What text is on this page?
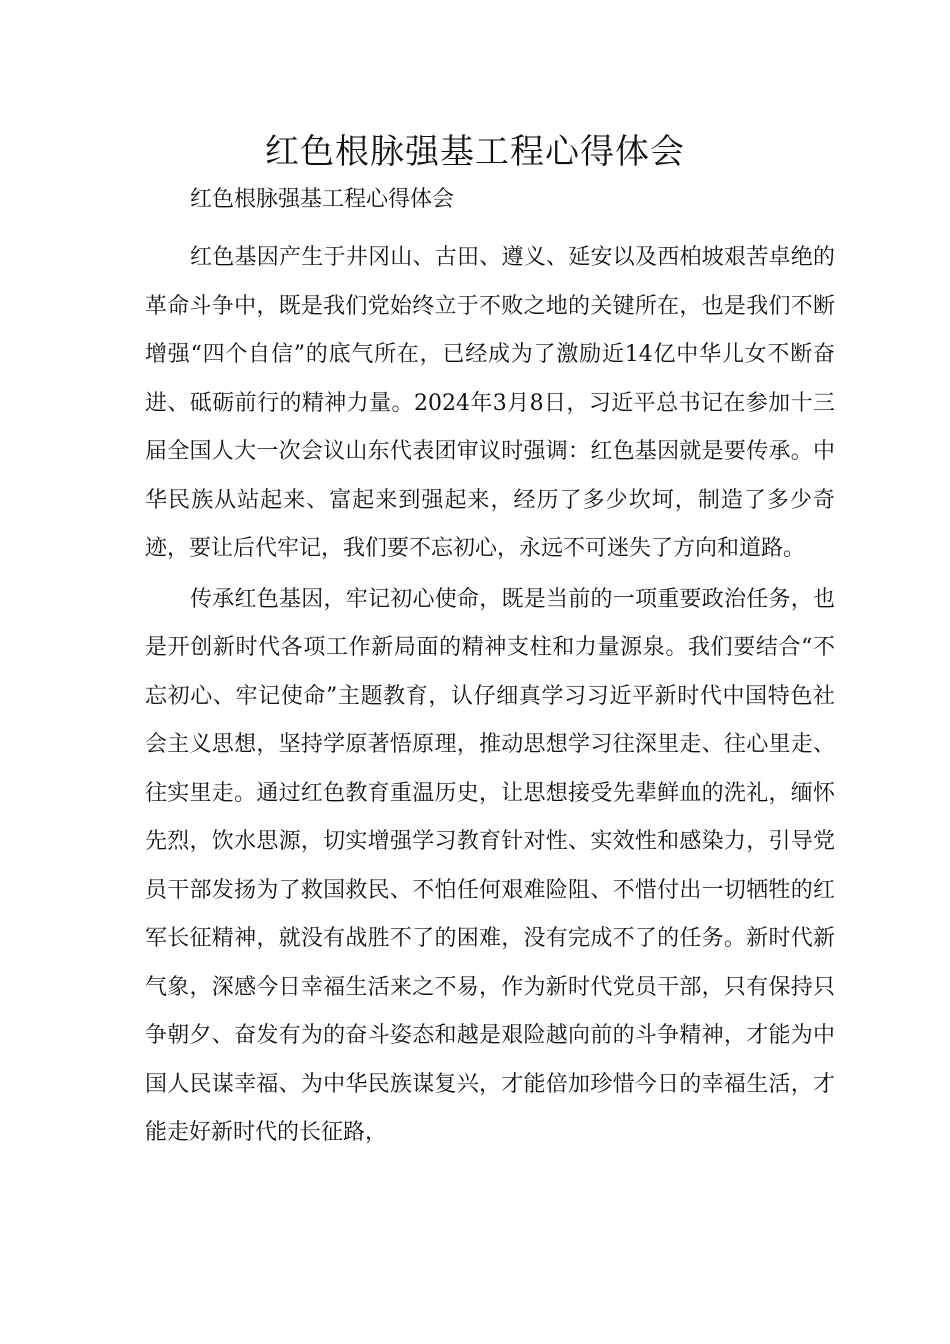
红色根脉强基工程心得体会

红色根脉强基工程心得体会

红色基因产生于井冈山、古田、遵义、延安以及西柏坡艰苦卓绝的革命斗争中，既是我们党始终立于不败之地的关键所在，也是我们不断增强“四个自信”的底气所在，已经成为了激励近14亿中华儿女不断奋进、砥砺前行的精神力量。2024年3月8日，习近平总书记在参加十三届全国人大一次会议山东代表团审议时强调：红色基因就是要传承。中华民族从站起来、富起来到强起来，经历了多少坎坷，制造了多少奇迹，要让后代牢记，我们要不忘初心，永远不可迷失了方向和道路。

传承红色基因，牢记初心使命，既是当前的一项重要政治任务，也是开创新时代各项工作新局面的精神支柱和力量源泉。我们要结合“不忘初心、牢记使命”主题教育，认仔细真学习习近平新时代中国特色社会主义思想，坚持学原著悟原理，推动思想学习往深里走、往心里走、往实里走。通过红色教育重温历史，让思想接受先辈鲜血的洗礼，缅怀先烈，饮水思源，切实增强学习教育针对性、实效性和感染力，引导党员干部发扬为了救国救民、不怕任何艰难险阻、不惜付出一切牺牲的红军长征精神，就没有战胜不了的困难，没有完成不了的任务。新时代新气象，深感今日幸福生活来之不易，作为新时代党员干部，只有保持只争朝夕、奋发有为的奋斗姿态和越是艰险越向前的斗争精神，才能为中国人民谋幸福、为中华民族谋复兴，才能倍加珍惜今日的幸福生活，才能走好新时代的长征路，
